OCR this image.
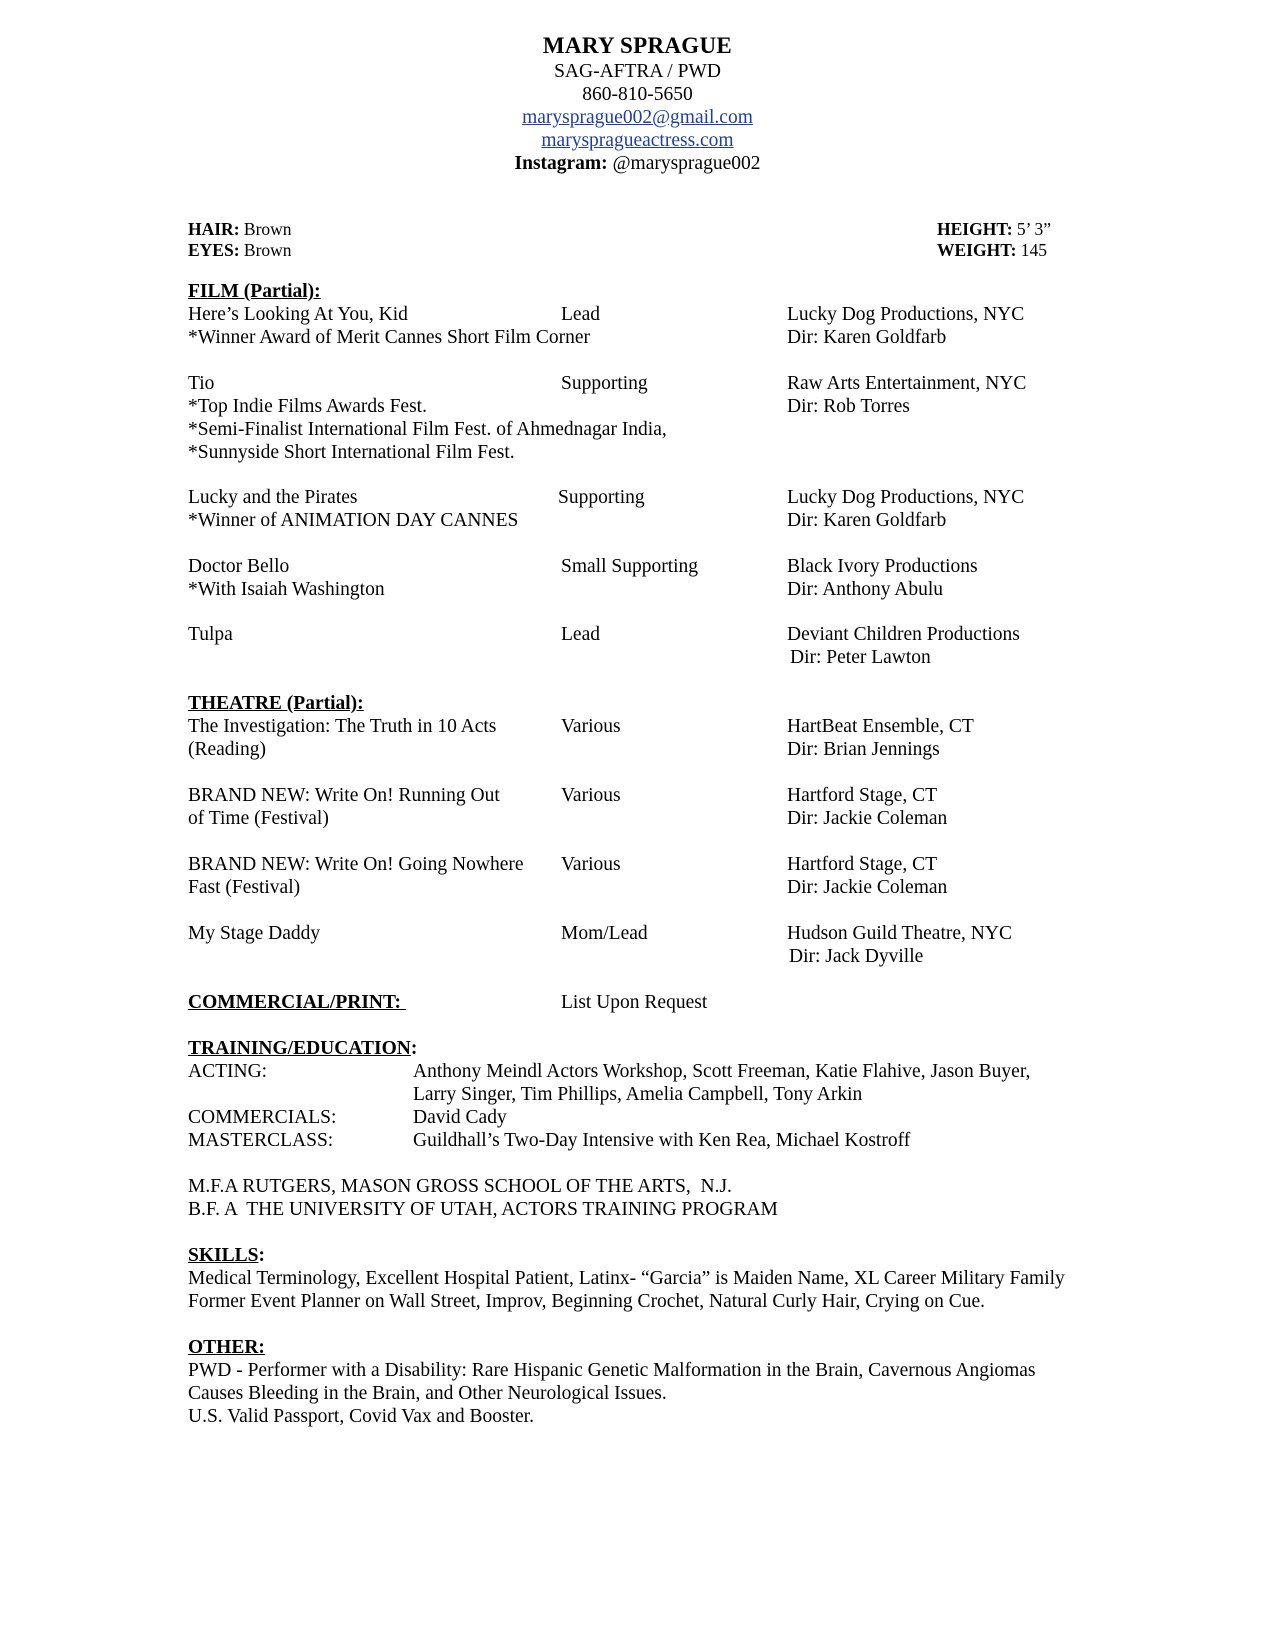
MARY SPRAGUE
SAG-AFTRA / PWD
860-810-5650
marysprague002@gmail.com
maryspragueactress.com
Instagram: @marysprague002
HAIR: Brown
EYES: Brown
HEIGHT: 5’ 3”
WEIGHT: 145
FILM (Partial):
Here’s Looking At You, Kid	Lead	Lucky Dog Productions, NYC
*Winner Award of Merit Cannes Short Film Corner	Dir: Karen Goldfarb
Tio	Supporting	Raw Arts Entertainment, NYC
*Top Indie Films Awards Fest.	Dir: Rob Torres
*Semi-Finalist International Film Fest. of Ahmednagar India,
*Sunnyside Short International Film Fest.
Lucky and the Pirates	Supporting	Lucky Dog Productions, NYC
*Winner of ANIMATION DAY CANNES	Dir: Karen Goldfarb
Doctor Bello	Small Supporting	Black Ivory Productions
*With Isaiah Washington	Dir: Anthony Abulu
Tulpa	Lead	Deviant Children Productions
Dir: Peter Lawton
THEATRE (Partial):
The Investigation: The Truth in 10 Acts	Various	HartBeat Ensemble, CT
(Reading)	Dir: Brian Jennings
BRAND NEW: Write On! Running Out	Various	Hartford Stage, CT
of Time (Festival)	Dir: Jackie Coleman
BRAND NEW: Write On! Going Nowhere Various	Hartford Stage, CT
Fast (Festival)	Dir: Jackie Coleman
My Stage Daddy	Mom/Lead	Hudson Guild Theatre, NYC
Dir: Jack Dyville
COMMERCIAL/PRINT:	List Upon Request
TRAINING/EDUCATION:
ACTING:	Anthony Meindl Actors Workshop, Scott Freeman, Katie Flahive, Jason Buyer,
Larry Singer, Tim Phillips, Amelia Campbell, Tony Arkin
COMMERCIALS:	David Cady
MASTERCLASS:	Guildhall’s Two-Day Intensive with Ken Rea, Michael Kostroff
M.F.A RUTGERS, MASON GROSS SCHOOL OF THE ARTS,  N.J.
B.F. A  THE UNIVERSITY OF UTAH, ACTORS TRAINING PROGRAM
SKILLS:
Medical Terminology, Excellent Hospital Patient, Latinx- “Garcia” is Maiden Name, XL Career Military Family
Former Event Planner on Wall Street, Improv, Beginning Crochet, Natural Curly Hair, Crying on Cue.
OTHER:
PWD - Performer with a Disability: Rare Hispanic Genetic Malformation in the Brain, Cavernous Angiomas
Causes Bleeding in the Brain, and Other Neurological Issues.
U.S. Valid Passport, Covid Vax and Booster.
